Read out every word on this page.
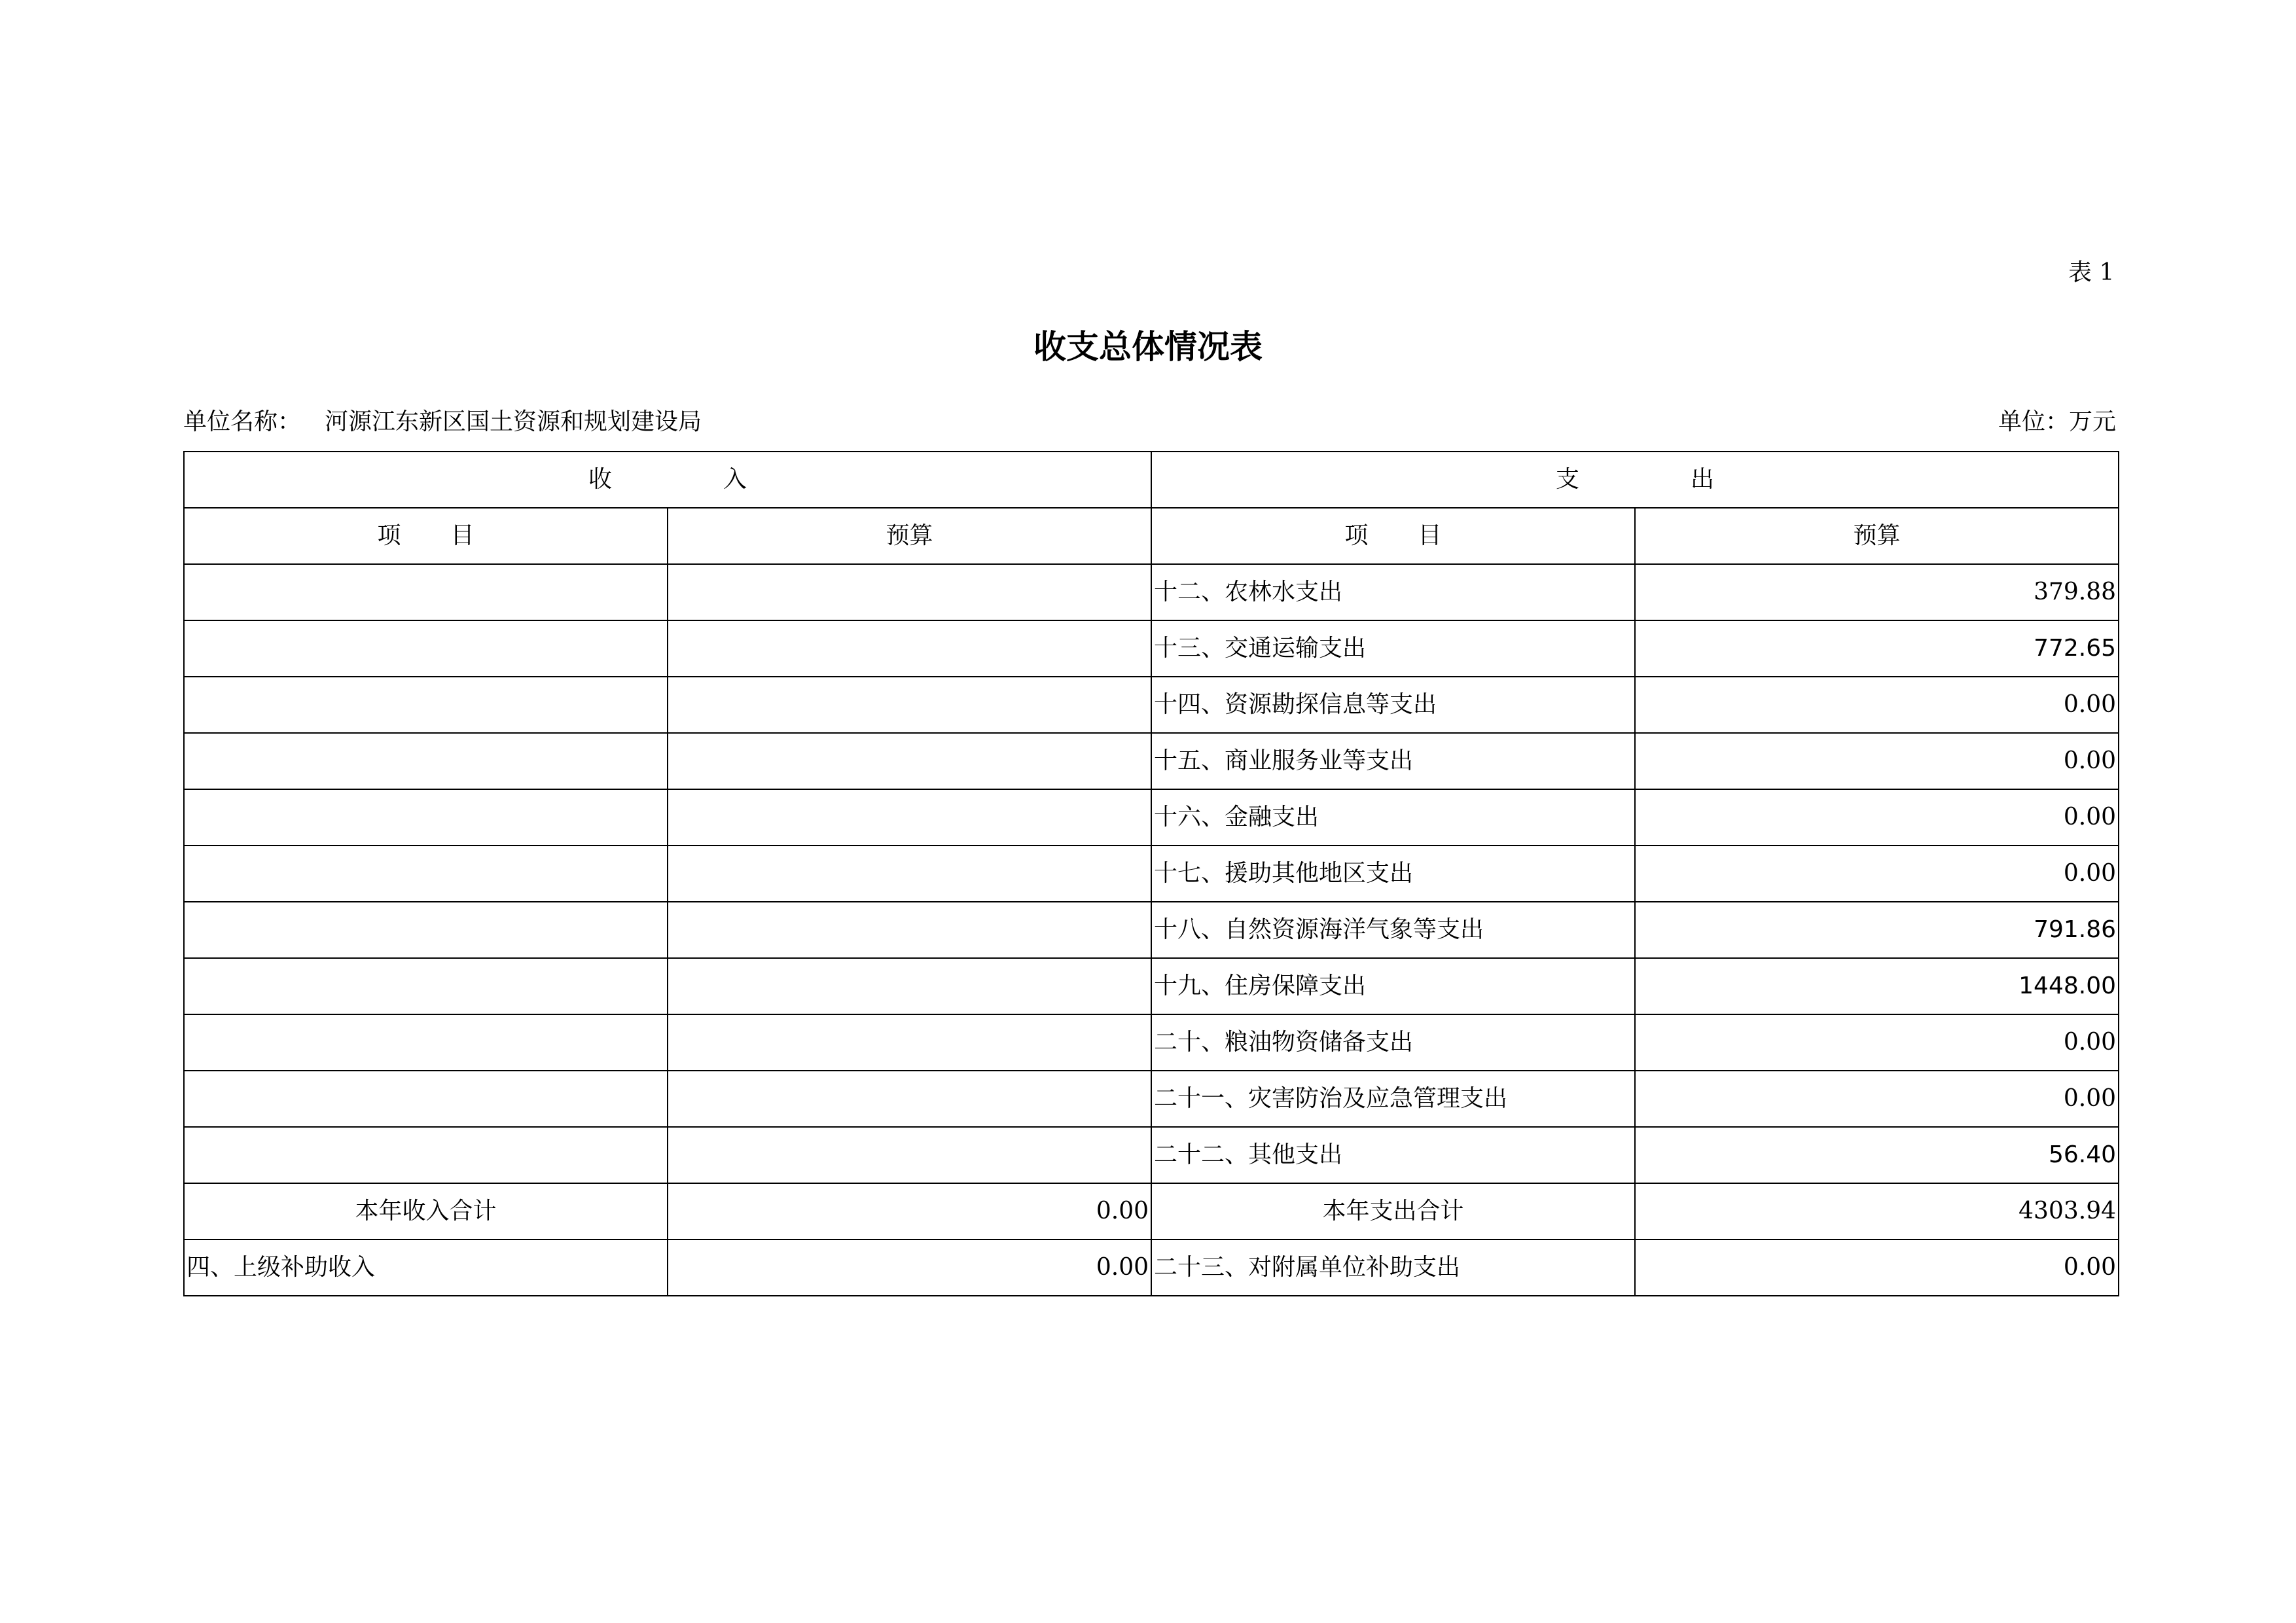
表 1
收支总体情况表
单位名称： 河源江东新区国土资源和规划建设局	单位：万元
收入		支出	
项目	预算	项目	预算
		十二、农林水支出	379.88
		十三、交通运输支出	772.65
		十四、资源勘探信息等支出	0.00
		十五、商业服务业等支出	0.00
		十六、金融支出	0.00
		十七、援助其他地区支出	0.00
		十八、自然资源海洋气象等支出	791.86
		十九、住房保障支出	1448.00
		二十、粮油物资储备支出	0.00
		二十一、灾害防治及应急管理支出	0.00
		二十二、其他支出	56.40
本年收入合计	0.00	本年支出合计	4303.94
四、上级补助收入	0.00	二十三、对附属单位补助支出	0.00
